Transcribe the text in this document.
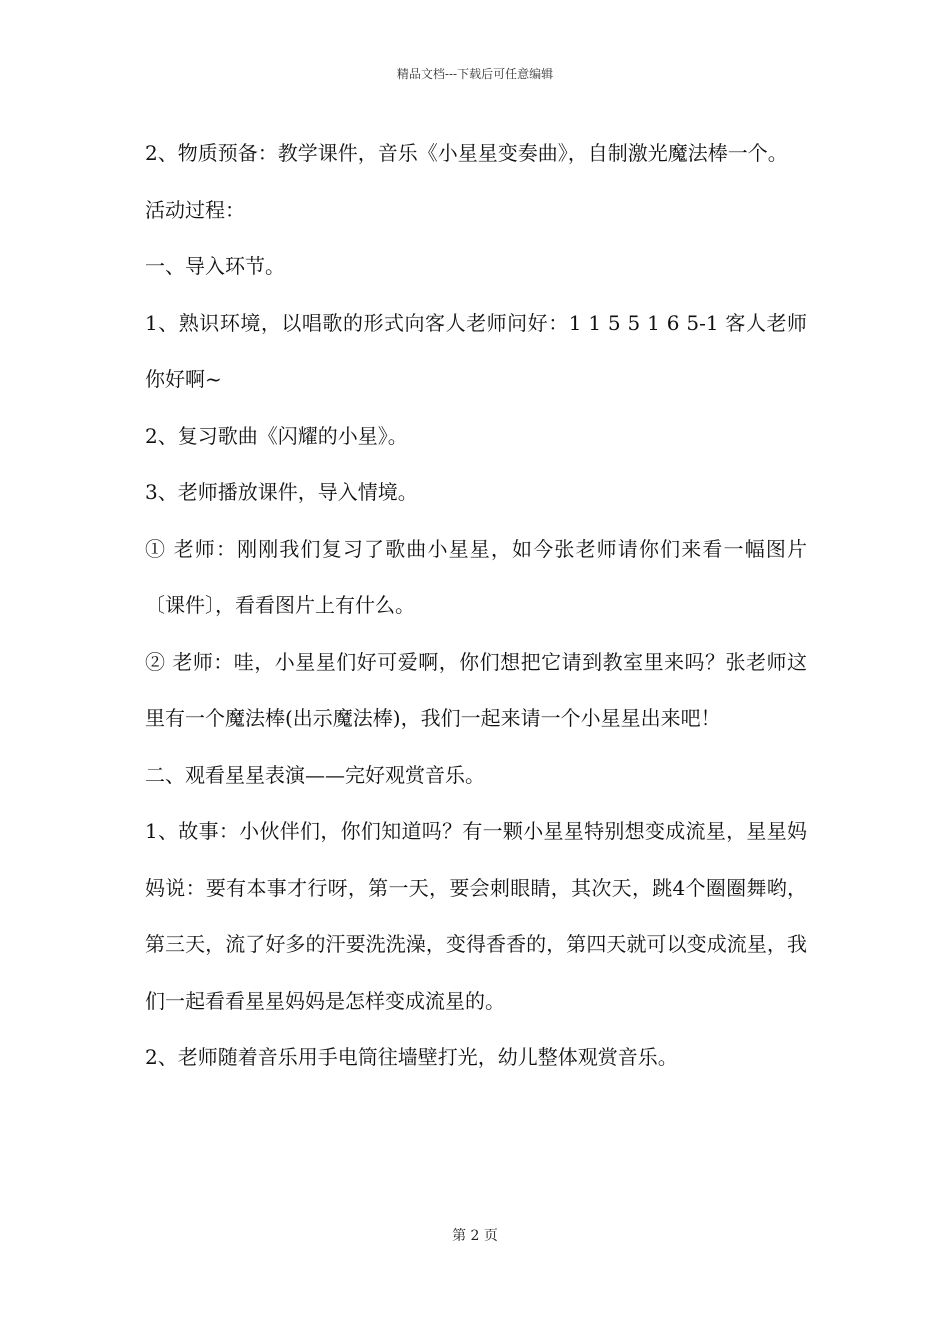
精品文档---下载后可任意编辑

2、物质预备：教学课件，音乐《小星星变奏曲》，自制激光魔法棒一个。

活动过程：

一、导入环节。

1、熟识环境，以唱歌的形式向客人老师问好：1 1 5 5 1 6 5-1 客人老师 你好啊~

2、复习歌曲《闪耀的小星》。

3、老师播放课件，导入情境。

① 老师：刚刚我们复习了歌曲小星星，如今张老师请你们来看一幅图片〔课件〕，看看图片上有什么。

② 老师：哇，小星星们好可爱啊，你们想把它请到教室里来吗？张老师这里有一个魔法棒(出示魔法棒)，我们一起来请一个小星星出来吧！

二、观看星星表演——完好观赏音乐。

1、故事：小伙伴们，你们知道吗？有一颗小星星特别想变成流星，星星妈妈说：要有本事才行呀，第一天，要会刺眼睛，其次天，跳4个圈圈舞哟，第三天，流了好多的汗要洗洗澡，变得香香的，第四天就可以变成流星，我们一起看看星星妈妈是怎样变成流星的。

2、老师随着音乐用手电筒往墙壁打光，幼儿整体观赏音乐。

第 2 页
